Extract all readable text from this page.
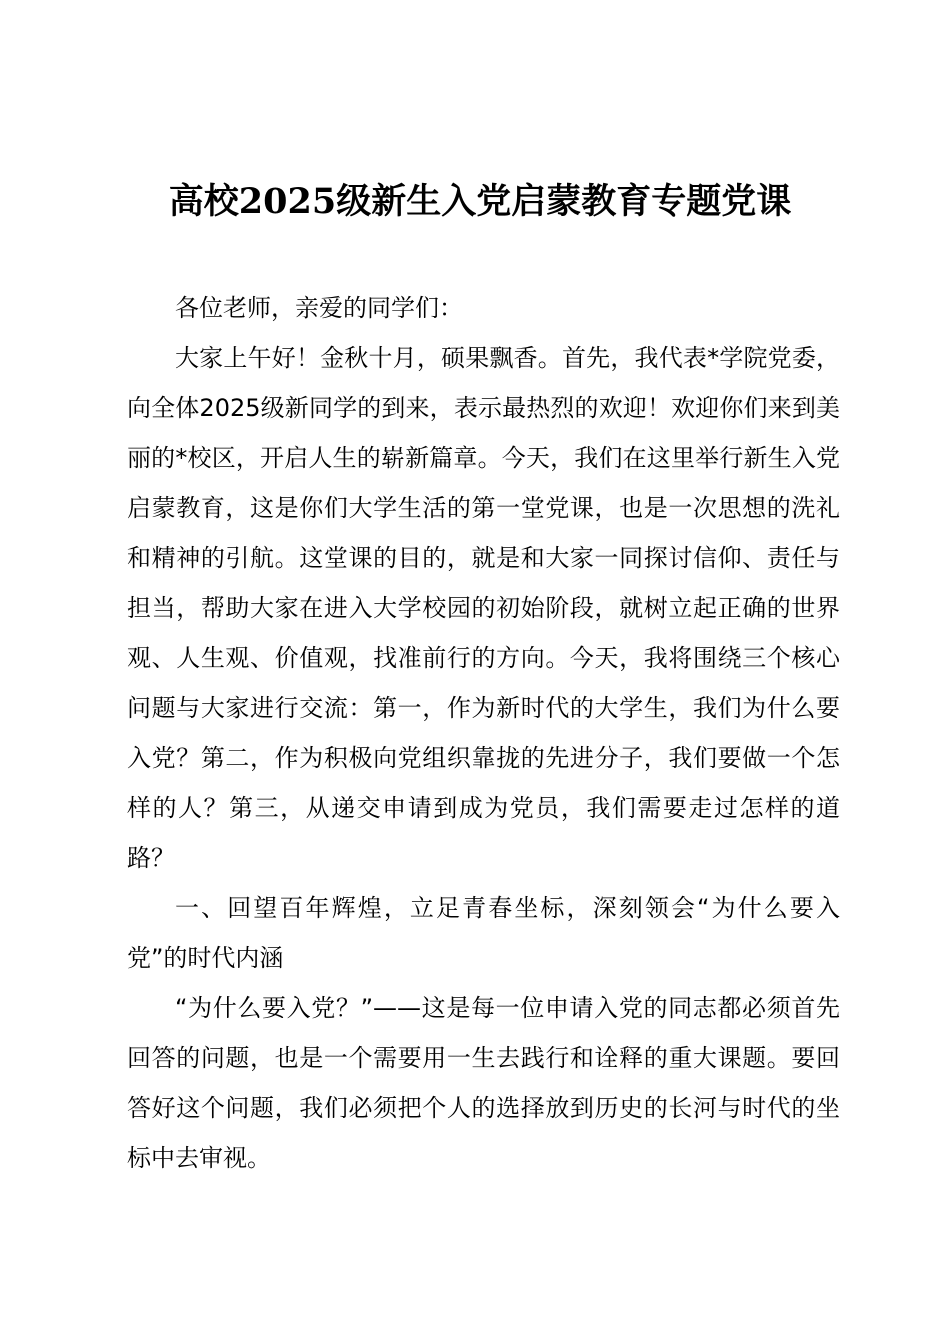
高校2025级新生入党启蒙教育专题党课

各位老师，亲爱的同学们：

大家上午好！金秋十月，硕果飘香。首先，我代表*学院党委，向全体2025级新同学的到来，表示最热烈的欢迎！欢迎你们来到美丽的*校区，开启人生的崭新篇章。今天，我们在这里举行新生入党启蒙教育，这是你们大学生活的第一堂党课，也是一次思想的洗礼和精神的引航。这堂课的目的，就是和大家一同探讨信仰、责任与担当，帮助大家在进入大学校园的初始阶段，就树立起正确的世界观、人生观、价值观，找准前行的方向。今天，我将围绕三个核心问题与大家进行交流：第一，作为新时代的大学生，我们为什么要入党？第二，作为积极向党组织靠拢的先进分子，我们要做一个怎样的人？第三，从递交申请到成为党员，我们需要走过怎样的道路？

一、回望百年辉煌，立足青春坐标，深刻领会“为什么要入党”的时代内涵

“为什么要入党？”——这是每一位申请入党的同志都必须首先回答的问题，也是一个需要用一生去践行和诠释的重大课题。要回答好这个问题，我们必须把个人的选择放到历史的长河与时代的坐标中去审视。
